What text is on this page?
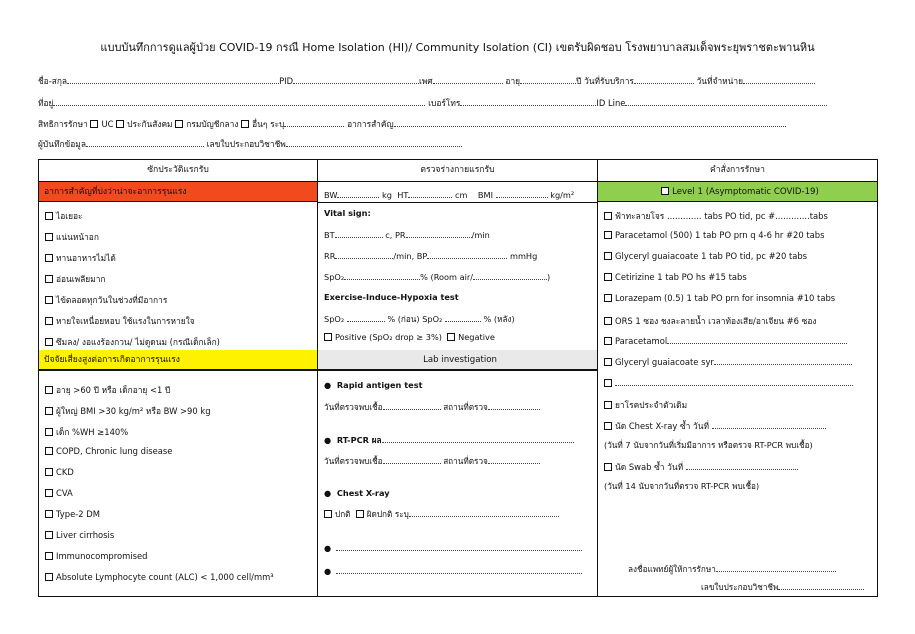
แบบบันทึกการดูแลผู้ป่วย COVID-19 กรณี Home Isolation (HI)/ Community Isolation (CI) เขตรับผิดชอบ โรงพยาบาลสมเด็จพระยุพราชตะพานหิน
ชื่อ-สกุล	PID	เพศ	อายุ	ปี วันที่รับบริการ	วันที่จำหน่าย
ที่อยู่	เบอร์โทร	ID Line
สิทธิการรักษา UC ประกันสังคม กรมบัญชีกลาง อื่นๆ ระบุ	อาการสำคัญ
ผู้บันทึกข้อมูล	เลขใบประกอบวิชาชีพ
ซักประวัติแรกรับ
อาการสำคัญที่บ่งว่าน่าจะอาการรุนแรง
ไอเยอะ
แน่นหน้าอก
ทานอาหารไม่ได้
อ่อนเพลียมาก
ไข้ตลอดทุกวันในช่วงที่มีอาการ
หายใจเหนื่อยหอบ ใช้แรงในการหายใจ
ซึมลง/ งอแงร้องกวน/ ไม่ดูดนม (กรณีเด็กเล็ก)
ปัจจัยเสี่ยงสูงต่อการเกิดอาการรุนแรง
อายุ >60 ปี หรือ เด็กอายุ <1 ปี
ผู้ใหญ่ BMI >30 kg/m² หรือ BW >90 kg
เด็ก %WH ≥140%
COPD, Chronic lung disease
CKD
CVA
Type-2 DM
Liver cirrhosis
Immunocompromised
Absolute Lymphocyte count (ALC) < 1,000 cell/mm³
ตรวจร่างกายแรกรับ
BW	kg HT	cm BMI	kg/m²
Vital sign:
BT	c, PR	/min
RR	/min, BP	mmHg
SpO₂	% (Room air/	)
Exercise-Induce-Hypoxia test
SpO₂	% (ก่อน) SpO₂	% (หลัง)
Positive (SpO₂ drop ≥ 3%) Negative
Lab investigation
●  Rapid antigen test
วันที่ตรวจพบเชื้อ	สถานที่ตรวจ
●  RT-PCR ผล
วันที่ตรวจพบเชื้อ	สถานที่ตรวจ
●  Chest X-ray
ปกติ ผิดปกติ ระบุ
●
●
คำสั่งการรักษา
Level 1 (Asymptomatic COVID-19)
ฟ้าทะลายโจร ............. tabs PO tid, pc #.............tabs
Paracetamol (500) 1 tab PO prn q 4-6 hr #20 tabs
Glyceryl guaiacoate 1 tab PO tid, pc #20 tabs
Cetirizine 1 tab PO hs #15 tabs
Lorazepam (0.5) 1 tab PO prn for insomnia #10 tabs
ORS 1 ซอง ชงละลายน้ำ เวลาท้องเสีย/อาเจียน #6 ซอง
Paracetamol
Glyceryl guaiacoate syr
ยาโรคประจำตัวเดิม
นัด Chest X-ray ซ้ำ วันที่
(วันที่ 7 นับจากวันที่เริ่มมีอาการ หรือตรวจ RT-PCR พบเชื้อ)
นัด Swab ซ้ำ วันที่
(วันที่ 14 นับจากวันที่ตรวจ RT-PCR พบเชื้อ)
ลงชื่อแพทย์ผู้ให้การรักษา
เลขใบประกอบวิชาชีพ
